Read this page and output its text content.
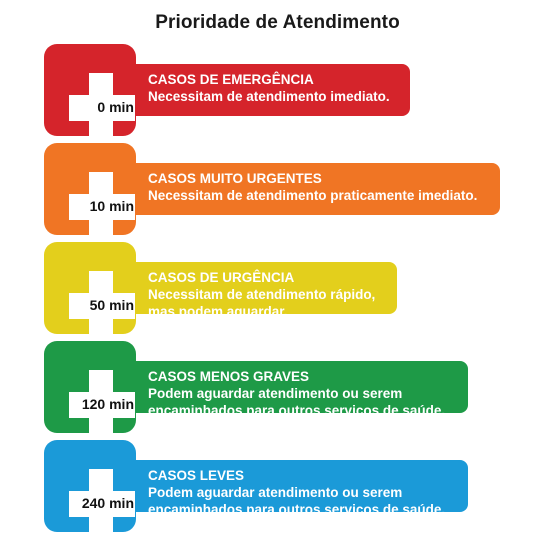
Prioridade de Atendimento
0 min
CASOS DE EMERGÊNCIA
Necessitam de atendimento imediato.
10 min
CASOS MUITO URGENTES
Necessitam de atendimento praticamente imediato.
50 min
CASOS DE URGÊNCIA
Necessitam de atendimento rápido,
mas podem aguardar.
120 min
CASOS MENOS GRAVES
Podem aguardar atendimento ou serem
encaminhados para outros serviços de saúde.
240 min
CASOS LEVES
Podem aguardar atendimento ou serem
encaminhados para outros serviços de saúde.
